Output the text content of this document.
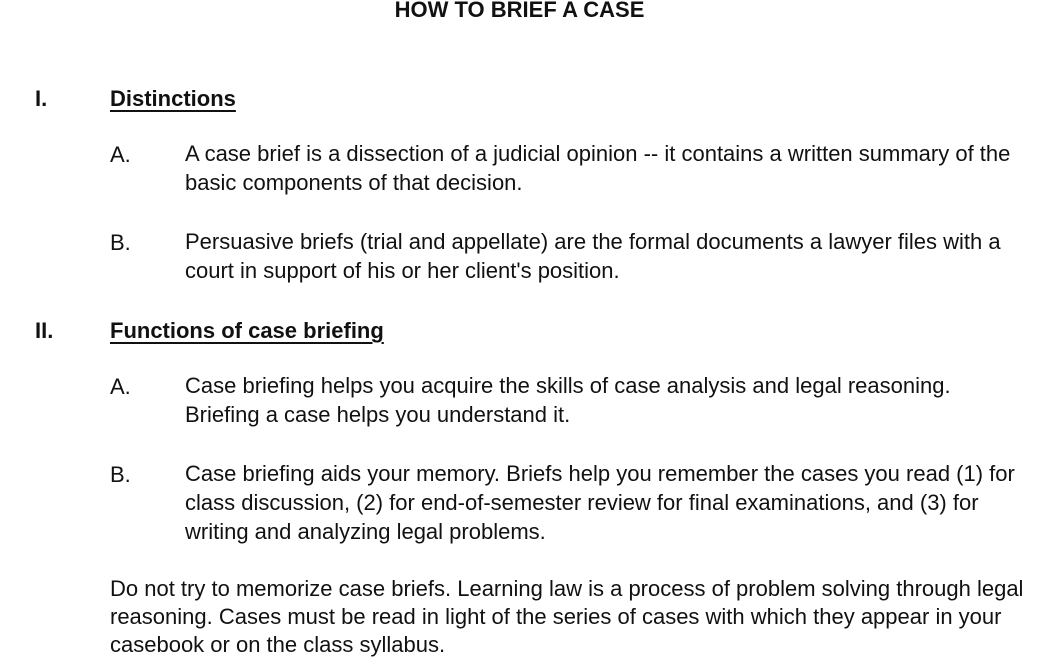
HOW TO BRIEF A CASE
I.	Distinctions
A. A case brief is a dissection of a judicial opinion -- it contains a written summary of the basic components of that decision.
B. Persuasive briefs (trial and appellate) are the formal documents a lawyer files with a court in support of his or her client's position.
II.	Functions of case briefing
A. Case briefing helps you acquire the skills of case analysis and legal reasoning. Briefing a case helps you understand it.
B. Case briefing aids your memory. Briefs help you remember the cases you read (1) for class discussion, (2) for end-of-semester review for final examinations, and (3) for writing and analyzing legal problems.
Do not try to memorize case briefs. Learning law is a process of problem solving through legal reasoning. Cases must be read in light of the series of cases with which they appear in your casebook or on the class syllabus.
